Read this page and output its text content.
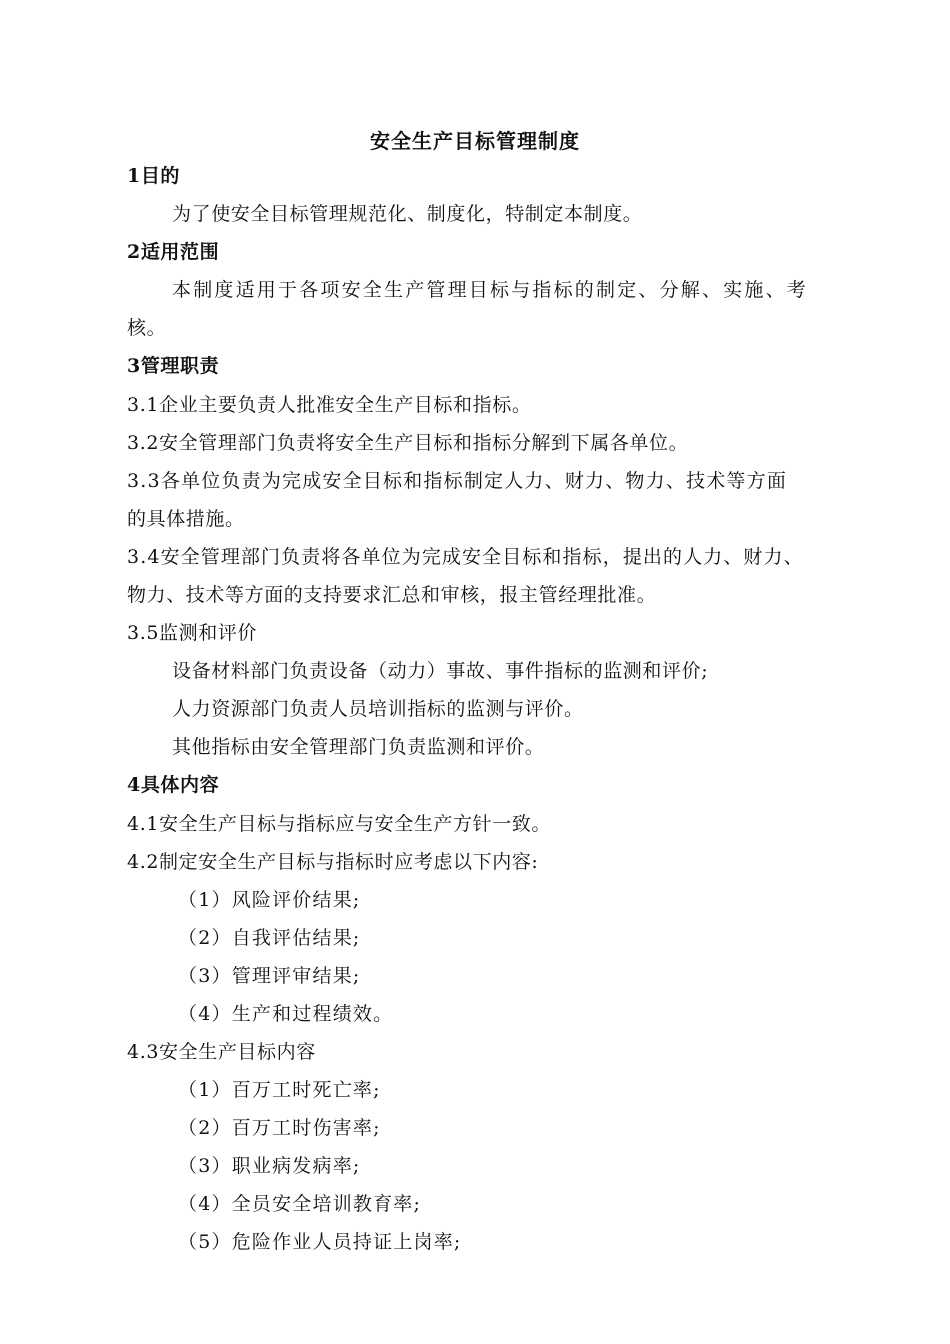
安全生产目标管理制度
1目的
为了使安全目标管理规范化、制度化，特制定本制度。
2适用范围
本制度适用于各项安全生产管理目标与指标的制定、分解、实施、考
核。
3管理职责
3.1企业主要负责人批准安全生产目标和指标。
3.2安全管理部门负责将安全生产目标和指标分解到下属各单位。
3.3各单位负责为完成安全目标和指标制定人力、财力、物力、技术等方面
的具体措施。
3.4安全管理部门负责将各单位为完成安全目标和指标，提出的人力、财力、
物力、技术等方面的支持要求汇总和审核，报主管经理批准。
3.5监测和评价
设备材料部门负责设备（动力）事故、事件指标的监测和评价;
人力资源部门负责人员培训指标的监测与评价。
其他指标由安全管理部门负责监测和评价。
4具体内容
4.1安全生产目标与指标应与安全生产方针一致。
4.2制定安全生产目标与指标时应考虑以下内容:
（1）风险评价结果;
（2）自我评估结果;
（3）管理评审结果;
（4）生产和过程绩效。
4.3安全生产目标内容
（1）百万工时死亡率;
（2）百万工时伤害率;
（3）职业病发病率;
（4）全员安全培训教育率;
（5）危险作业人员持证上岗率;
